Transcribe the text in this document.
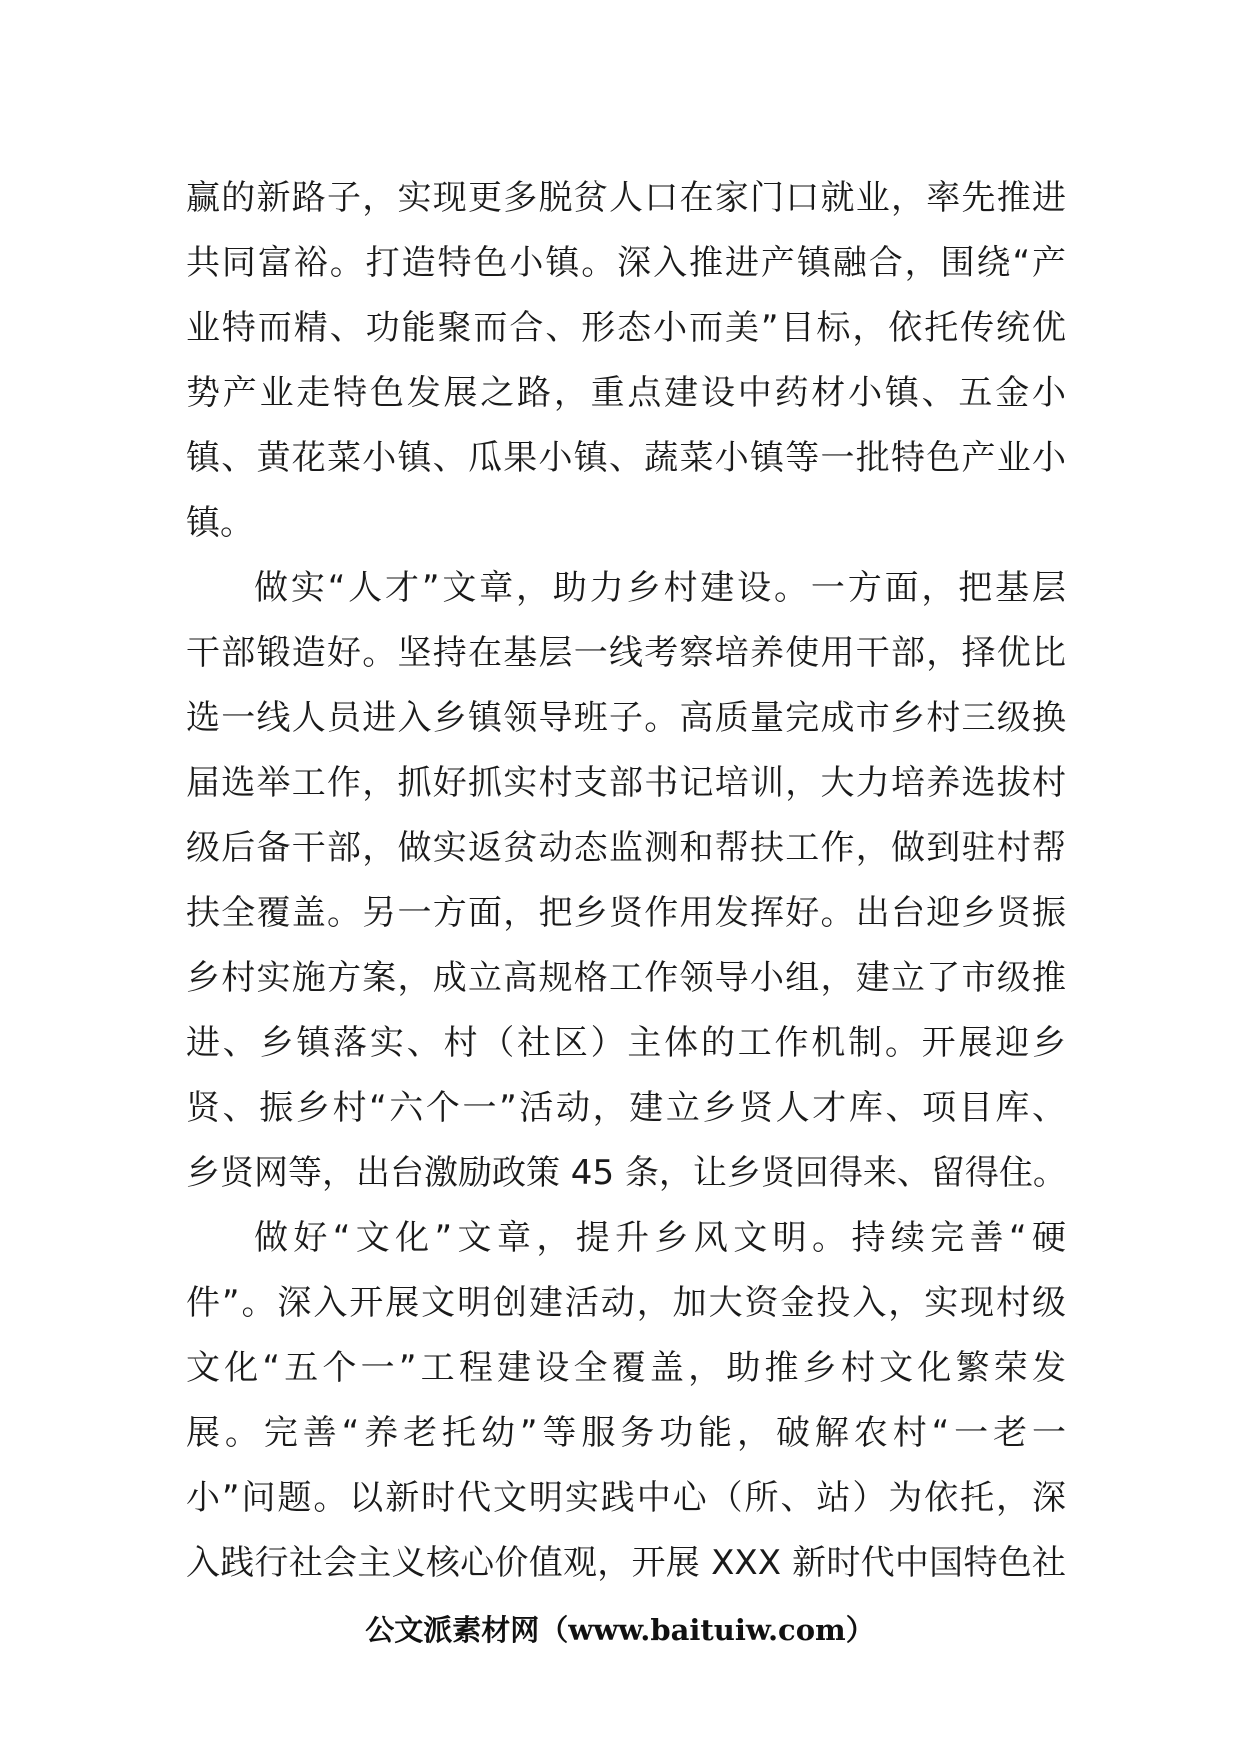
赢的新路子，实现更多脱贫人口在家门口就业，率先推进
共同富裕。打造特色小镇。深入推进产镇融合，围绕“产
业特而精、功能聚而合、形态小而美”目标，依托传统优
势产业走特色发展之路，重点建设中药材小镇、五金小
镇、黄花菜小镇、瓜果小镇、蔬菜小镇等一批特色产业小
镇。
做实“人才”文章，助力乡村建设。一方面，把基层
干部锻造好。坚持在基层一线考察培养使用干部，择优比
选一线人员进入乡镇领导班子。高质量完成市乡村三级换
届选举工作，抓好抓实村支部书记培训，大力培养选拔村
级后备干部，做实返贫动态监测和帮扶工作，做到驻村帮
扶全覆盖。另一方面，把乡贤作用发挥好。出台迎乡贤振
乡村实施方案，成立高规格工作领导小组，建立了市级推
进、乡镇落实、村（社区）主体的工作机制。开展迎乡
贤、振乡村“六个一”活动，建立乡贤人才库、项目库、
乡贤网等，出台激励政策 45 条，让乡贤回得来、留得住。
做好“文化”文章，提升乡风文明。持续完善“硬
件”。深入开展文明创建活动，加大资金投入，实现村级
文化“五个一”工程建设全覆盖，助推乡村文化繁荣发
展。完善“养老托幼”等服务功能，破解农村“一老一
小”问题。以新时代文明实践中心（所、站）为依托，深
入践行社会主义核心价值观，开展 XXX 新时代中国特色社
公文派素材网（www.baituiw.com）
